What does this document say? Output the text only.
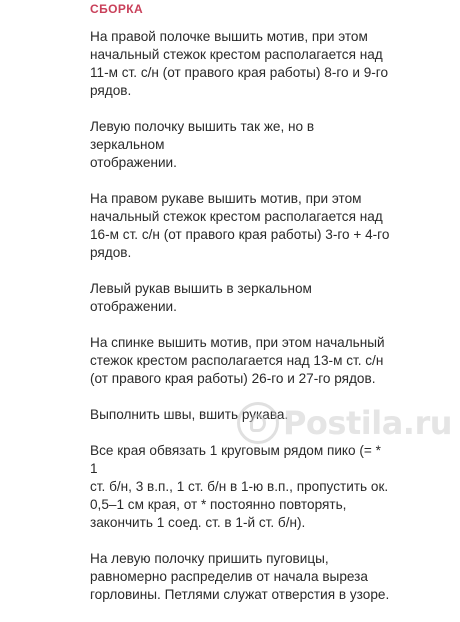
СБОРКА

На правой полочке вышить мотив, при этом
начальный стежок крестом располагается над
11-м ст. с/н (от правого края работы) 8-го и 9-го
рядов.

Левую полочку вышить так же, но в зеркальном
отображении.

На правом рукаве вышить мотив, при этом
начальный стежок крестом располагается над
16-м ст. с/н (от правого края работы) 3-го + 4-го
рядов.

Левый рукав вышить в зеркальном
отображении.

На спинке вышить мотив, при этом начальный
стежок крестом располагается над 13-м ст. с/н
(от правого края работы) 26-го и 27-го рядов.

Выполнить швы, вшить рукава.

Все края обвязать 1 круговым рядом пико (= * 1
ст. б/н, 3 в.п., 1 ст. б/н в 1-ю в.п., пропустить ок.
0,5–1 см края, от * постоянно повторять,
закончить 1 соед. ст. в 1-й ст. б/н).

На левую полочку пришить пуговицы,
равномерно распределив от начала выреза
горловины. Петлями служат отверстия в узоре.

Postila.ru
